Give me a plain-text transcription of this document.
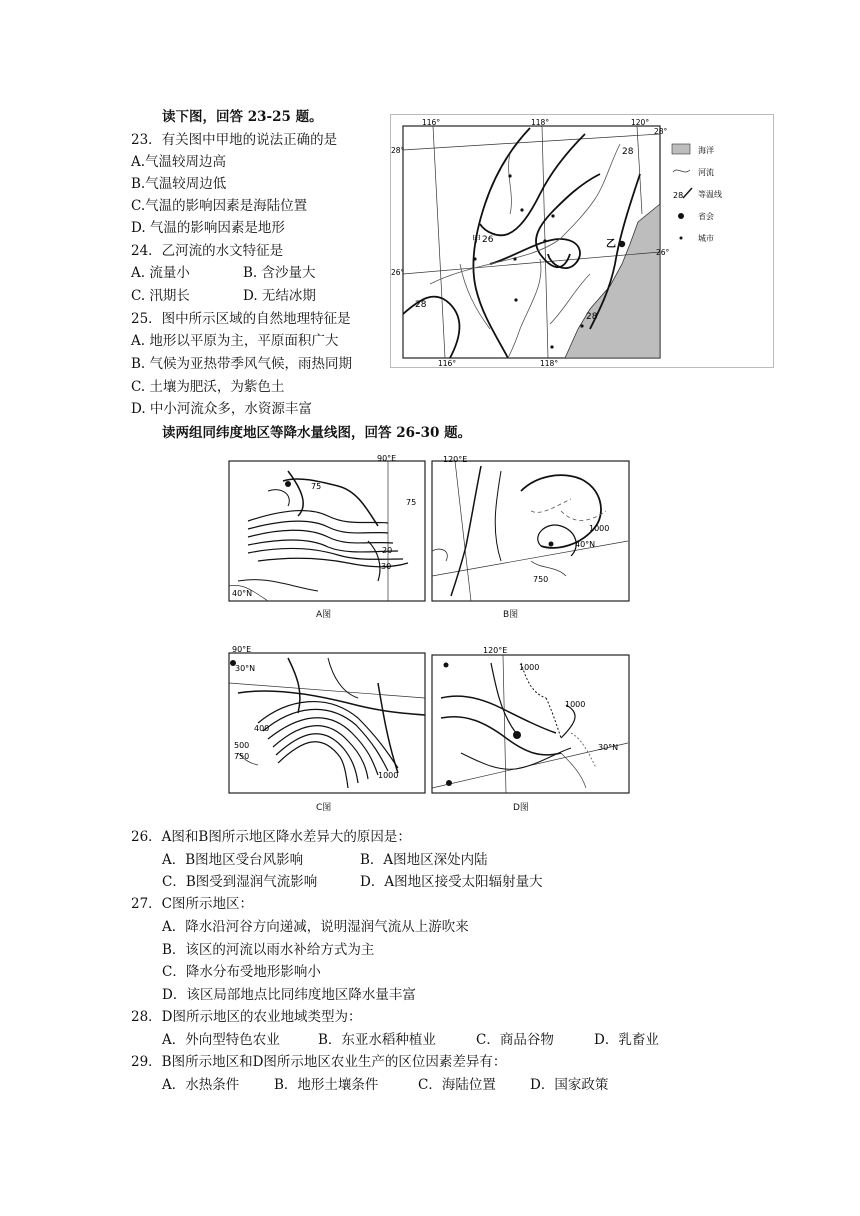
读下图，回答 23-25 题。
23．有关图中甲地的说法正确的是
A.气温较周边高
B.气温较周边低
C.气温的影响因素是海陆位置
D. 气温的影响因素是地形
24．乙河流的水文特征是
A. 流量小	B. 含沙量大
C. 汛期长	D. 无结冰期
25．图中所示区域的自然地理特征是
A. 地形以平原为主，平原面积广大
B. 气候为亚热带季风气候，雨热同期
C. 土壤为肥沃，为紫色土
D. 中小河流众多，水资源丰富
116°	118°	120°
116°	118°
28°
26°
28°
26°
28
26
28
28
甲	乙
海洋
河流
28 等温线
省会
城市
读两组同纬度地区等降水量线图，回答 26-30 题。
90°E
75
75
20
30
40°N
A图
120°E
1000
40°N
750
B图
90°E
30°N
400
500
750
1000
C图
120°E
1000
1000
30°N
D图
26．A图和B图所示地区降水差异大的原因是：
A．B图地区受台风影响	B．A图地区深处内陆
C．B图受到湿润气流影响	D．A图地区接受太阳辐射量大
27．C图所示地区：
A．降水沿河谷方向递减，说明湿润气流从上游吹来
B．该区的河流以雨水补给方式为主
C．降水分布受地形影响小
D．该区局部地点比同纬度地区降水量丰富
28．D图所示地区的农业地域类型为：
A．外向型特色农业	B．东亚水稻种植业	C．商品谷物	D．乳畜业
29．B图所示地区和D图所示地区农业生产的区位因素差异有：
A．水热条件	B．地形土壤条件	C．海陆位置	D．国家政策
